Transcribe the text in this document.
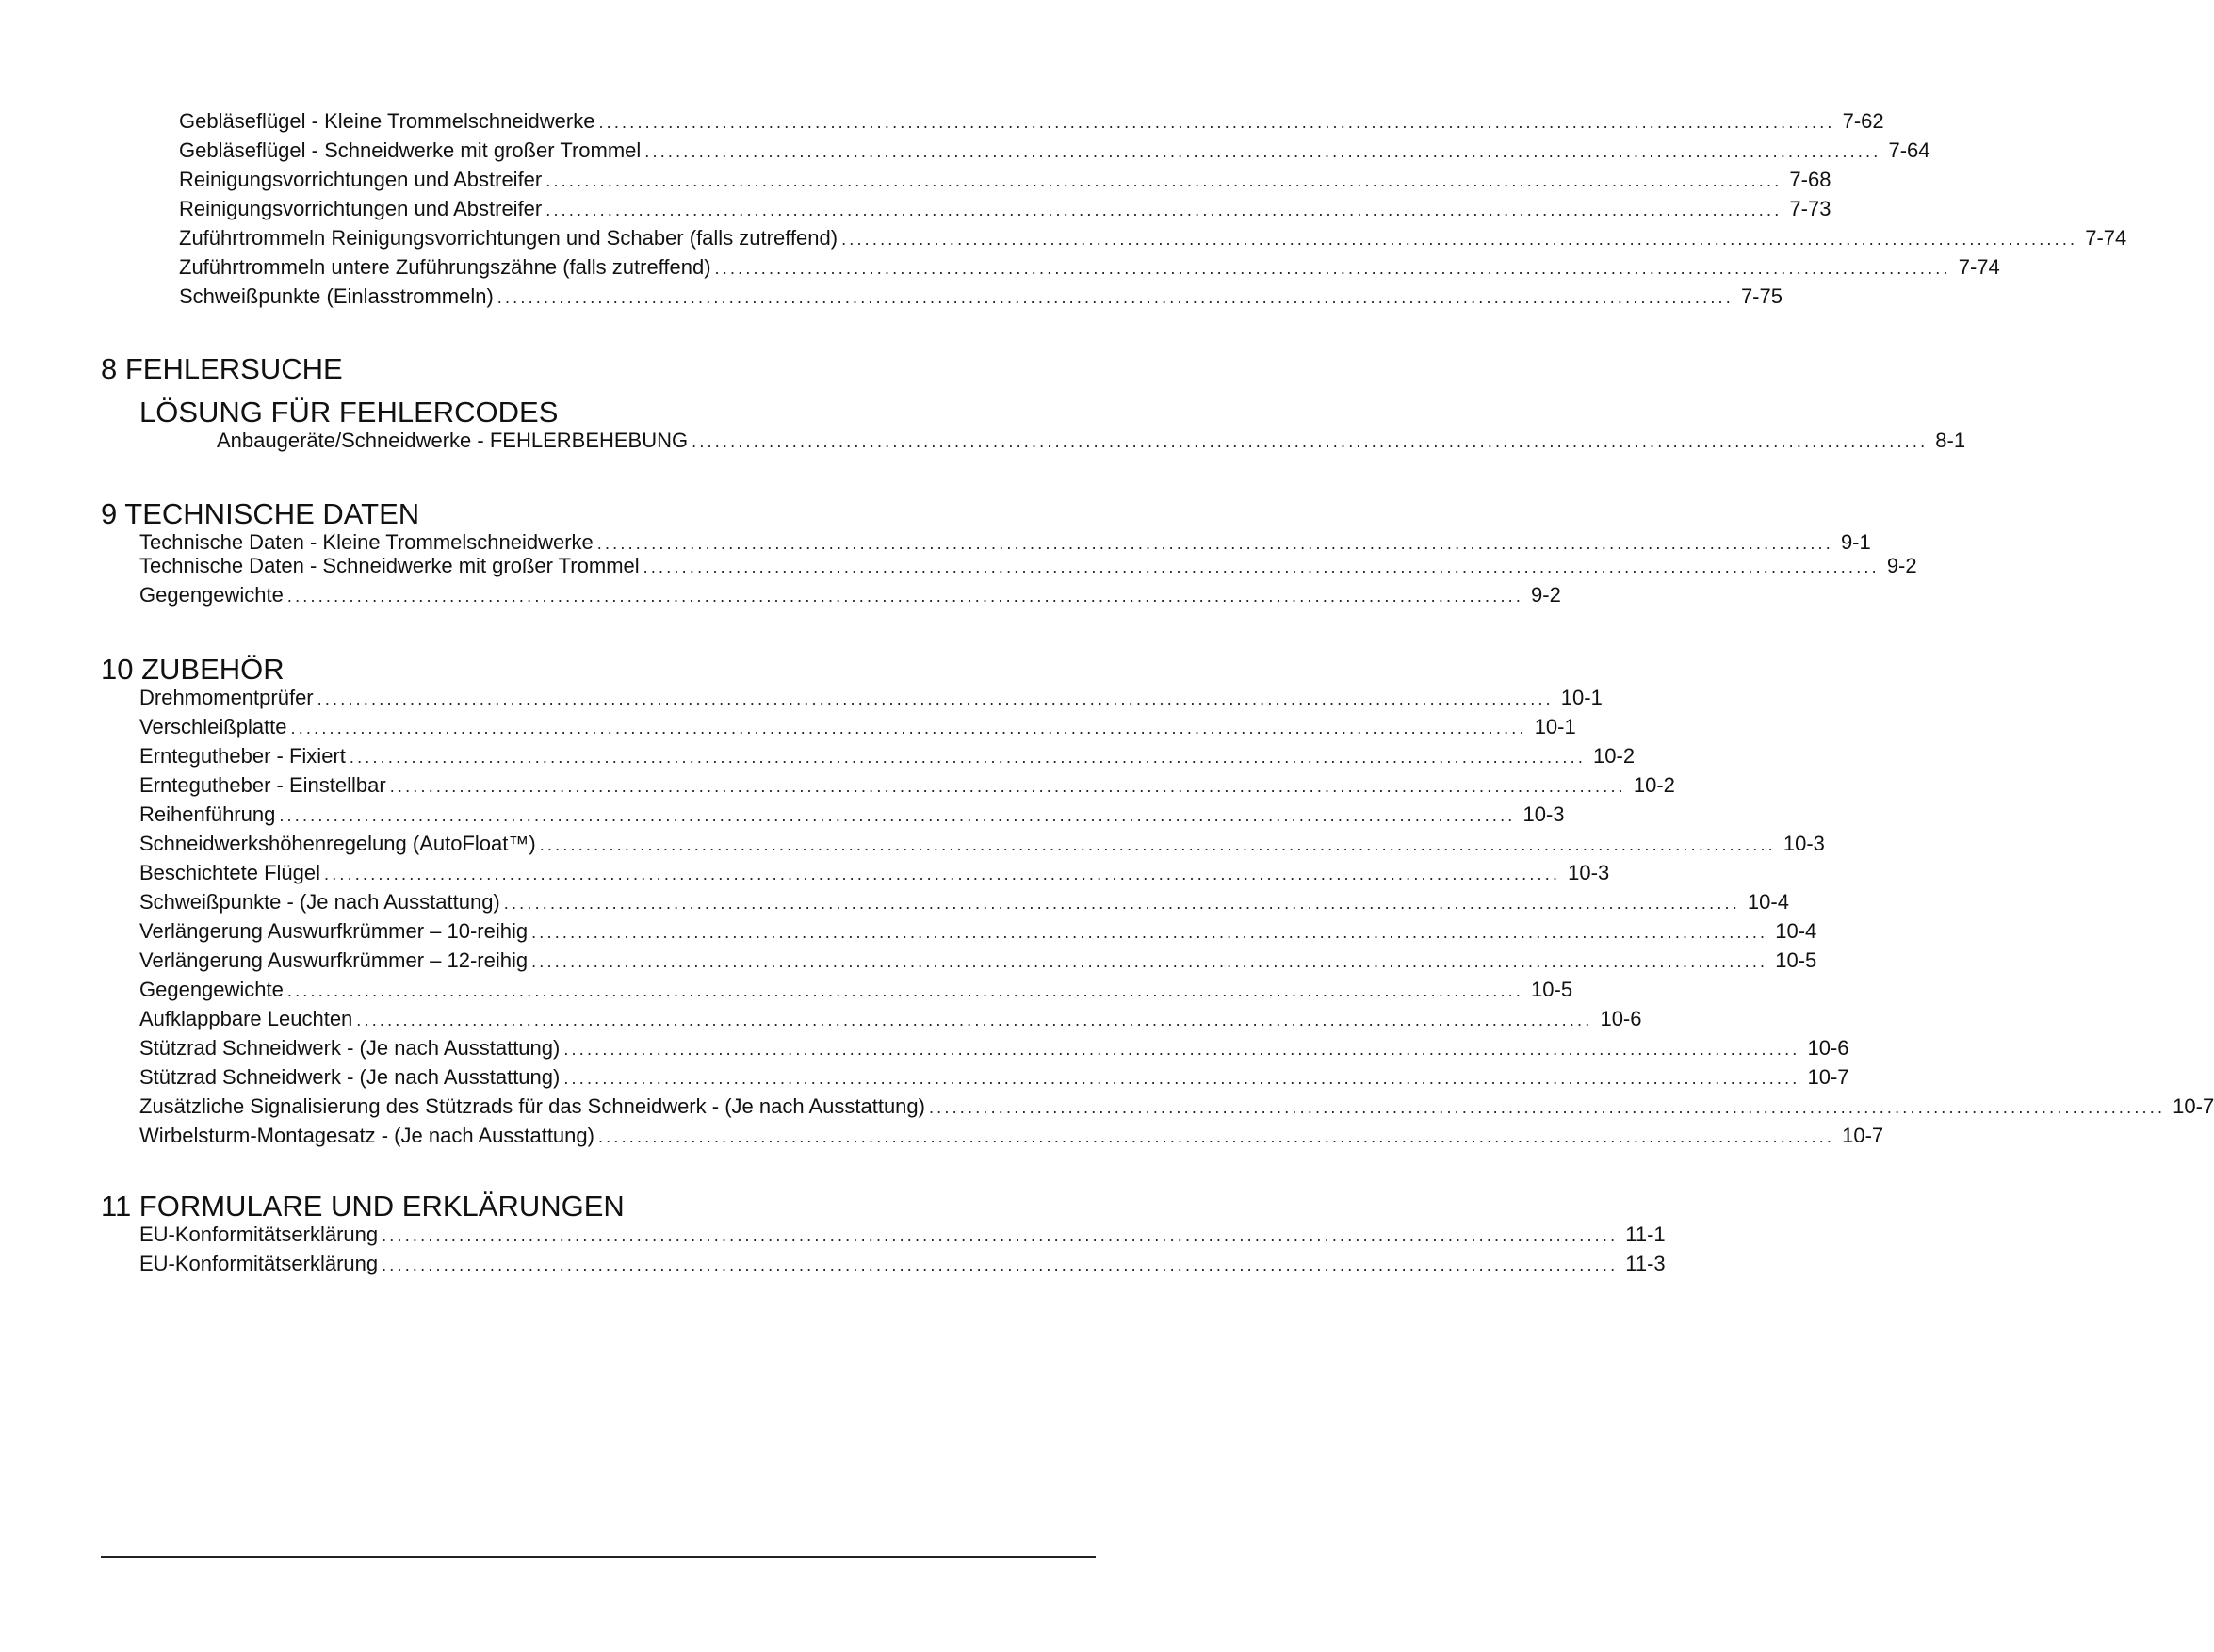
Gebläseflügel - Kleine Trommelschneidwerke ................................................................................................................................................................ 7-62
Gebläseflügel - Schneidwerke mit großer Trommel ................................................................................................................................................................ 7-64
Reinigungsvorrichtungen und Abstreifer ................................................................................................................................................................ 7-68
Reinigungsvorrichtungen und Abstreifer ................................................................................................................................................................ 7-73
Zuführtrommeln Reinigungsvorrichtungen und Schaber (falls zutreffend) ................................................................................................................................................................ 7-74
Zuführtrommeln untere Zuführungszähne (falls zutreffend) ................................................................................................................................................................ 7-74
Schweißpunkte (Einlasstrommeln) ................................................................................................................................................................ 7-75
8 FEHLERSUCHE
LÖSUNG FÜR FEHLERCODES
Anbaugeräte/Schneidwerke - FEHLERBEHEBUNG ................................................................................................................................................................ 8-1
9 TECHNISCHE DATEN
Technische Daten - Kleine Trommelschneidwerke ................................................................................................................................................................ 9-1
Technische Daten - Schneidwerke mit großer Trommel ................................................................................................................................................................ 9-2
Gegengewichte ................................................................................................................................................................ 9-2
10 ZUBEHÖR
Drehmomentprüfer ................................................................................................................................................................ 10-1
Verschleißplatte ................................................................................................................................................................ 10-1
Erntegutheber - Fixiert ................................................................................................................................................................ 10-2
Erntegutheber - Einstellbar ................................................................................................................................................................ 10-2
Reihenführung ................................................................................................................................................................ 10-3
Schneidwerkshöhenregelung (AutoFloat™) ................................................................................................................................................................ 10-3
Beschichtete Flügel ................................................................................................................................................................ 10-3
Schweißpunkte - (Je nach Ausstattung) ................................................................................................................................................................ 10-4
Verlängerung Auswurfkrümmer – 10-reihig ................................................................................................................................................................ 10-4
Verlängerung Auswurfkrümmer – 12-reihig ................................................................................................................................................................ 10-5
Gegengewichte ................................................................................................................................................................ 10-5
Aufklappbare Leuchten ................................................................................................................................................................ 10-6
Stützrad Schneidwerk - (Je nach Ausstattung) ................................................................................................................................................................ 10-6
Stützrad Schneidwerk - (Je nach Ausstattung) ................................................................................................................................................................ 10-7
Zusätzliche Signalisierung des Stützrads für das Schneidwerk - (Je nach Ausstattung) ................................................................................................................................................................ 10-7
Wirbelsturm-Montagesatz - (Je nach Ausstattung) ................................................................................................................................................................ 10-7
11 FORMULARE UND ERKLÄRUNGEN
EU-Konformitätserklärung ................................................................................................................................................................ 11-1
EU-Konformitätserklärung ................................................................................................................................................................ 11-3
